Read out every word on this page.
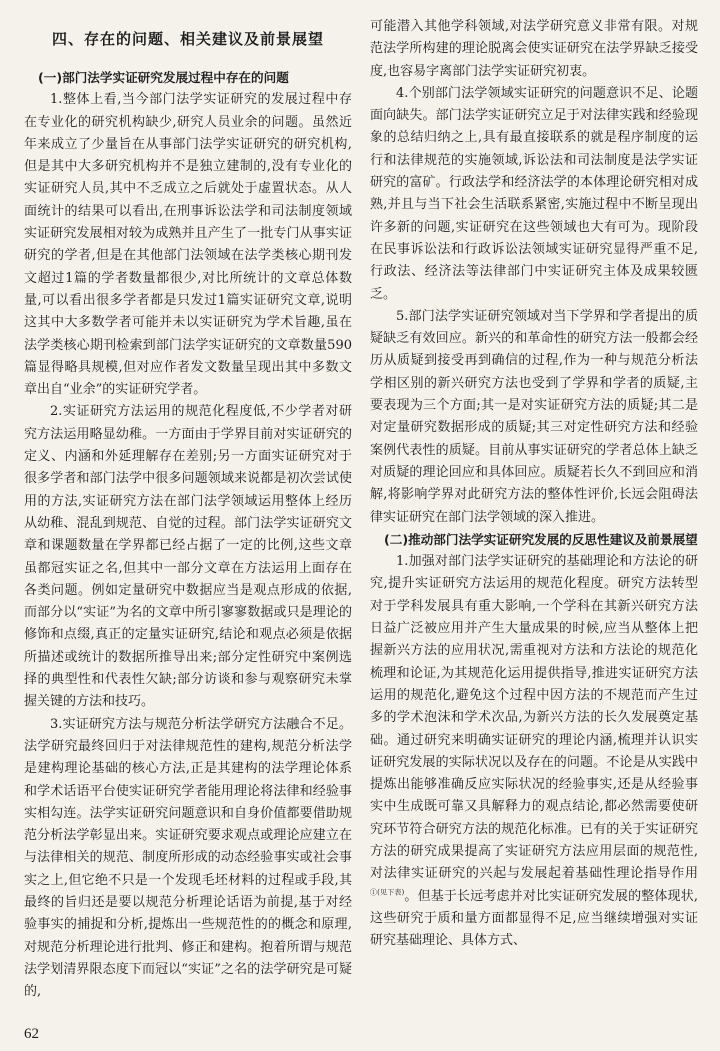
四、存在的问题、相关建议及前景展望
(一)部门法学实证研究发展过程中存在的问题

1.整体上看,当今部门法学实证研究的发展过程中存在专业化的研究机构缺少,研究人员业余的问题。虽然近年来成立了少量旨在从事部门法学实证研究的研究机构,但是其中大多研究机构并不是独立建制的,没有专业化的实证研究人员,其中不乏成立之后就处于虚置状态。从人面统计的结果可以看出,在刑事诉讼法学和司法制度领域实证研究发展相对较为成熟并且产生了一批专门从事实证研究的学者,但是在其他部门法领域在法学类核心期刊发文超过1篇的学者数量都很少,对比所统计的文章总体数量,可以看出很多学者都是只发过1篇实证研究文章,说明这其中大多数学者可能并未以实证研究为学术旨趣,虽在法学类核心期刊检索到部门法学实证研究的文章数量590篇显得略具规模,但对应作者发文数量呈现出其中多数文章出自“业余”的实证研究学者。

2.实证研究方法运用的规范化程度低,不少学者对研究方法运用略显幼稚。一方面由于学界目前对实证研究的定义、内涵和外延理解存在差别;另一方面实证研究对于很多学者和部门法学中很多问题领域来说都是初次尝试使用的方法,实证研究方法在部门法学领域运用整体上经历从幼稚、混乱到规范、自觉的过程。部门法学实证研究文章和课题数量在学界都已经占据了一定的比例,这些文章虽都冠实证之名,但其中一部分文章在方法运用上面存在各类问题。例如定量研究中数据应当是观点形成的依据,而部分以“实证”为名的文章中所引寥寥数据或只是理论的修饰和点缀,真正的定量实证研究,结论和观点必须是依据所描述或统计的数据所推导出来;部分定性研究中案例选择的典型性和代表性欠缺;部分访谈和参与观察研究未掌握关键的方法和技巧。

3.实证研究方法与规范分析法学研究方法融合不足。法学研究最终回归于对法律规范性的建构,规范分析法学是建构理论基础的核心方法,正是其建构的法学理论体系和学术话语平台使实证研究学者能用理论将法律和经验事实相勾连。法学实证研究问题意识和自身价值都要借助规范分析法学彰显出来。实证研究要求观点或理论应建立在与法律相关的规范、制度所形成的动态经验事实或社会事实之上,但它绝不只是一个发现毛坯材料的过程或手段,其最终的旨归还是要以规范分析理论话语为前提,基于对经验事实的捕捉和分析,提炼出一些规范性的的概念和原理,对规范分析理论进行批判、修正和建构。抱着所谓与规范法学划清界限态度下而冠以“实证”之名的法学研究是可疑的,

可能潜入其他学科领域,对法学研究意义非常有限。对规范法学所构建的理论脱离会使实证研究在法学界缺乏接受度,也容易字离部门法学实证研究初衷。

4.个别部门法学领域实证研究的问题意识不足、论题面向缺失。部门法学实证研究立足于对法律实践和经验现象的总结归纳之上,具有最直接联系的就是程序制度的运行和法律规范的实施领域,诉讼法和司法制度是法学实证研究的富矿。行政法学和经济法学的本体理论研究相对成熟,并且与当下社会生活联系紧密,实施过程中不断呈现出许多新的问题,实证研究在这些领域也大有可为。现阶段在民事诉讼法和行政诉讼法领域实证研究显得严重不足,行政法、经济法等法律部门中实证研究主体及成果较匮乏。

5.部门法学实证研究领域对当下学界和学者提出的质疑缺乏有效回应。新兴的和革命性的研究方法一般都会经历从质疑到接受再到确信的过程,作为一种与规范分析法学相区别的新兴研究方法也受到了学界和学者的质疑,主要表现为三个方面;其一是对实证研究方法的质疑;其二是对定量研究数据形成的质疑;其三对定性研究方法和经验案例代表性的质疑。目前从事实证研究的学者总体上缺乏对质疑的理论回应和具体回应。质疑若长久不到回应和消解,将影响学界对此研究方法的整体性评价,长远会阻碍法律实证研究在部门法学领域的深入推进。

(二)推动部门法学实证研究发展的反思性建议及前景展望

1.加强对部门法学实证研究的基础理论和方法论的研究,提升实证研究方法运用的规范化程度。研究方法转型对于学科发展具有重大影响,一个学科在其新兴研究方法日益广泛被应用并产生大量成果的时候,应当从整体上把握新兴方法的应用状况,需重视对方法和方法论的规范化梳理和论证,为其规范化运用提供指导,推进实证研究方法运用的规范化,避免这个过程中因方法的不规范而产生过多的学术泡沫和学术次品,为新兴方法的长久发展奠定基础。通过研究来明确实证研究的理论内涵,梳理并认识实证研究发展的实际状况以及存在的问题。不论是从实践中提炼出能够准确反应实际状况的经验事实,还是从经验事实中生成既可靠又具解释力的观点结论,都必然需要使研究环节符合研究方法的规范化标准。已有的关于实证研究方法的研究成果提高了实证研究方法应用层面的规范性,对法律实证研究的兴起与发展起着基础性理论指导作用$^{①(见下表)}$。但基于长远考虑并对比实证研究发展的整体现状,这些研究于质和量方面都显得不足,应当继续增强对实证研究基础理论、具体方式、

62
